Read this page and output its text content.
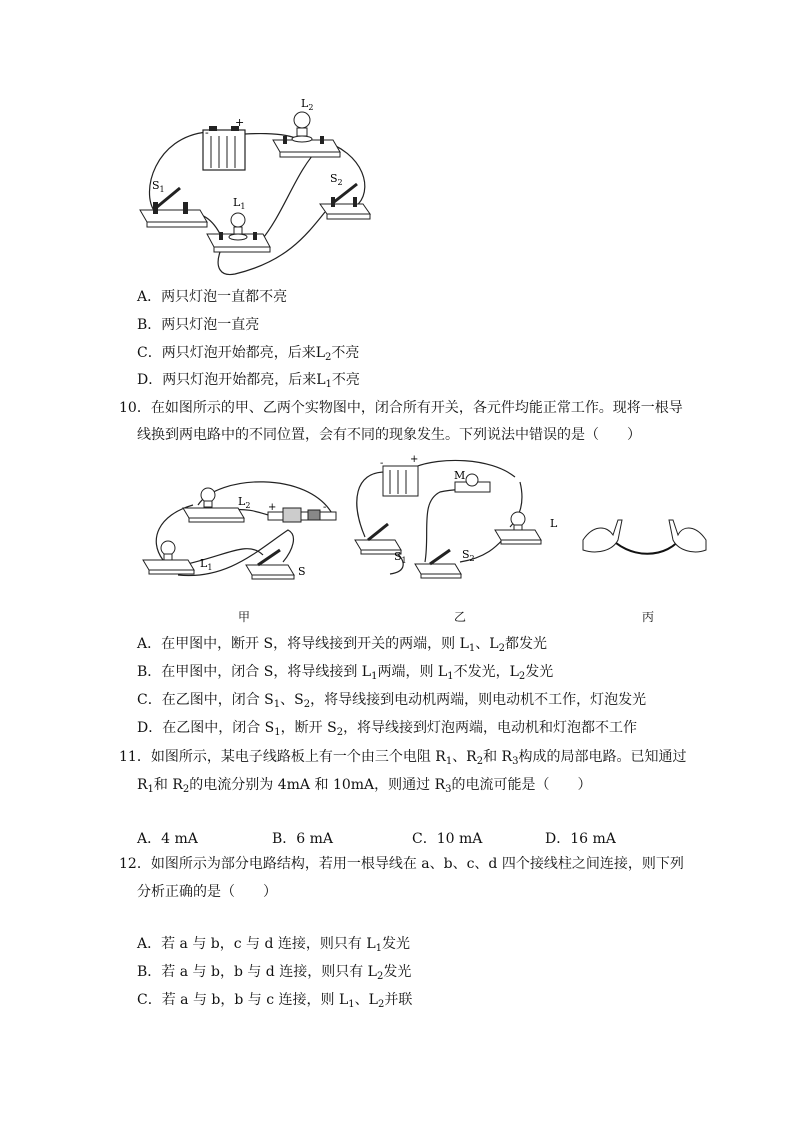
-
+
$L_2$
$S_1$
$S_2$
$L_1$
A．两只灯泡一直都不亮
B．两只灯泡一直亮
C．两只灯泡开始都亮，后来$L_2$不亮
D．两只灯泡开始都亮，后来$L_1$不亮
10．在如图所示的甲、乙两个实物图中，闭合所有开关，各元件均能正常工作。现将一根导
线换到两电路中的不同位置，会有不同的现象发生。下列说法中错误的是（　　）
$L_2$ +	-
$L_1$	S
-	+
M
L
$S_1$	$S_2$
甲	乙	丙
A．在甲图中，断开 S，将导线接到开关的两端，则 $L_1$、$L_2$都发光
B．在甲图中，闭合 S，将导线接到 $L_1$两端，则 $L_1$不发光，$L_2$发光
C．在乙图中，闭合 $S_1$、$S_2$，将导线接到电动机两端，则电动机不工作，灯泡发光
D．在乙图中，闭合 $S_1$，断开 $S_2$，将导线接到灯泡两端，电动机和灯泡都不工作
11．如图所示，某电子线路板上有一个由三个电阻 $R_1$、$R_2$和 $R_3$构成的局部电路。已知通过
$R_1$和 $R_2$的电流分别为 4mA 和 10mA，则通过 $R_3$的电流可能是（　　）
A．4 mA	B．6 mA	C．10 mA	D．16 mA
12．如图所示为部分电路结构，若用一根导线在 a、b、c、d 四个接线柱之间连接，则下列
分析正确的是（　　）
A．若 a 与 b，c 与 d 连接，则只有 $L_1$发光
B．若 a 与 b，b 与 d 连接，则只有 $L_2$发光
C．若 a 与 b，b 与 c 连接，则 $L_1$、$L_2$并联
